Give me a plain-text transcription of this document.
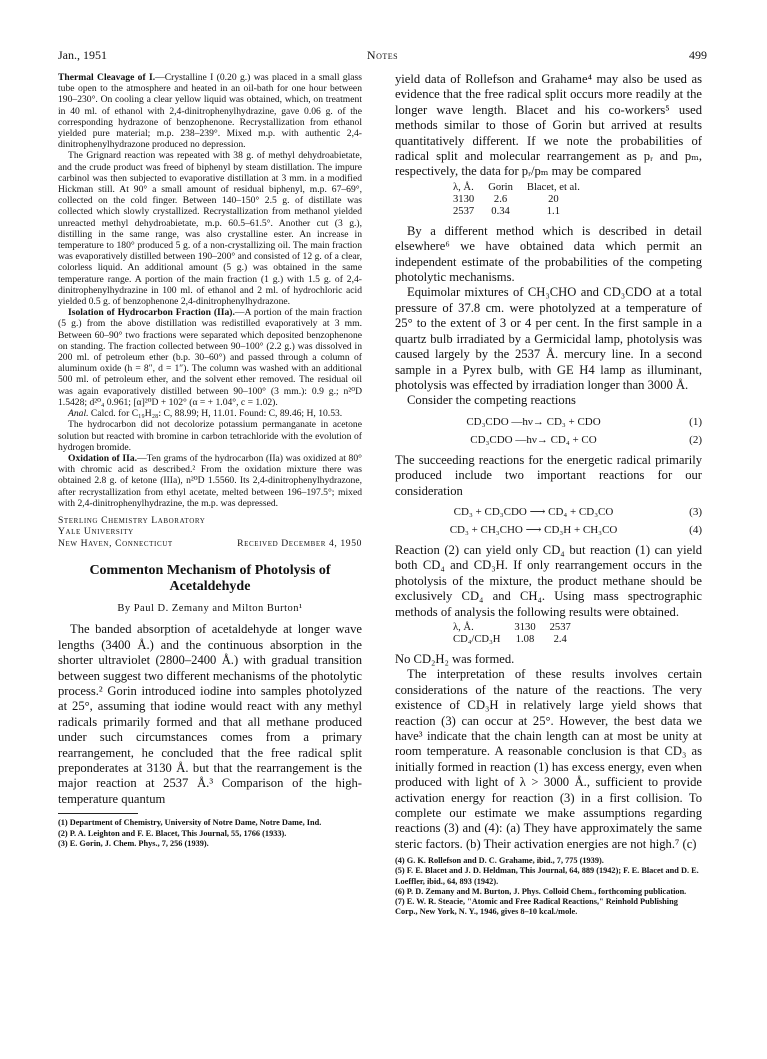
Jan., 1951	Notes	499

Thermal Cleavage of I.—Crystalline I (0.20 g.) was placed in a small glass tube open to the atmosphere and heated in an oil-bath for one hour between 190–230°. On cooling a clear yellow liquid was obtained, which, on treatment in 40 ml. of ethanol with 2,4-dinitrophenylhydrazine, gave 0.06 g. of the corresponding hydrazone of benzophenone. Recrystallization from ethanol yielded pure material; m.p. 238–239°. Mixed m.p. with authentic 2,4-dinitrophenylhydrazone produced no depression.

The Grignard reaction was repeated with 38 g. of methyl dehydroabietate, and the crude product was freed of biphenyl by steam distillation. The impure carbinol was then subjected to evaporative distillation at 3 mm. in a modified Hickman still. At 90° a small amount of residual biphenyl, m.p. 67–69°, collected on the cold finger. Between 140–150° 2.5 g. of distillate was collected which slowly crystallized. Recrystallization from methanol yielded unreacted methyl dehydroabietate, m.p. 60.5–61.5°. Another cut (3 g.), distilling in the same range, was also crystalline ester. An increase in temperature to 180° produced 5 g. of a non-crystallizing oil. The main fraction was evaporatively distilled between 190–200° and consisted of 12 g. of a clear, colorless liquid. An additional amount (5 g.) was obtained in the same temperature range. A portion of the main fraction (1 g.) with 1.5 g. of 2,4-dinitrophenylhydrazine in 100 ml. of ethanol and 2 ml. of hydrochloric acid yielded 0.5 g. of benzophenone 2,4-dinitrophenylhydrazone.

Isolation of Hydrocarbon Fraction (IIa).—A portion of the main fraction (5 g.) from the above distillation was redistilled evaporatively at 3 mm. Between 60–90° two fractions were separated which deposited benzophenone on standing. The fraction collected between 90–100° (2.2 g.) was dissolved in 200 ml. of petroleum ether (b.p. 30–60°) and passed through a column of aluminum oxide (h = 8″, d = 1″). The column was washed with an additional 500 ml. of petroleum ether, and the solvent ether removed. The residual oil was again evaporatively distilled between 90–100° (3 mm.): 0.9 g.; n²⁰D 1.5428; d²⁰₄ 0.961; [α]²⁰D + 102° (α = + 1.04°, c = 1.02).

Anal. Calcd. for C₁₉H₂₈: C, 88.99; H, 11.01. Found: C, 89.46; H, 10.53.

The hydrocarbon did not decolorize potassium permanganate in acetone solution but reacted with bromine in carbon tetrachloride with the evolution of hydrogen bromide.

Oxidation of IIa.—Ten grams of the hydrocarbon (IIa) was oxidized at 80° with chromic acid as described.² From the oxidation mixture there was obtained 2.8 g. of ketone (IIIa), n²⁰D 1.5560. Its 2,4-dinitrophenylhydrazone, after recrystallization from ethyl acetate, melted between 196–197.5°; mixed with 2,4-dinitrophenylhydrazine, the m.p. was depressed.

Sterling Chemistry Laboratory
Yale University
New Haven, Connecticut	Received December 4, 1950
Commenton Mechanism of Photolysis of Acetaldehyde
By Paul D. Zemany and Milton Burton¹

The banded absorption of acetaldehyde at longer wave lengths (3400 Å.) and the continuous absorption in the shorter ultraviolet (2800–2400 Å.) with gradual transition between suggest two different mechanisms of the photolytic process.² Gorin introduced iodine into samples photolyzed at 25°, assuming that iodine would react with any methyl radicals primarily formed and that all methane produced under such circumstances comes from a primary rearrangement, he concluded that the free radical split preponderates at 3130 Å. but that the rearrangement is the major reaction at 2537 Å.³ Comparison of the high-temperature quantum

(1) Department of Chemistry, University of Notre Dame, Notre Dame, Ind.
(2) P. A. Leighton and F. E. Blacet, This Journal, 55, 1766 (1933).
(3) E. Gorin, J. Chem. Phys., 7, 256 (1939).

yield data of Rollefson and Grahame⁴ may also be used as evidence that the free radical split occurs more readily at the longer wave length. Blacet and his co-workers⁵ used methods similar to those of Gorin but arrived at results quantitatively different. If we note the probabilities of radical split and molecular rearrangement as pᵣ and pₘ, respectively, the data for pᵣ/pₘ may be compared

λ, Å.	Gorin	Blacet, et al.
3130	2.6	20
2537	0.34	1.1

By a different method which is described in detail elsewhere⁶ we have obtained data which permit an independent estimate of the probabilities of the competing photolytic mechanisms.

Equimolar mixtures of CH₃CHO and CD₃CDO at a total pressure of 37.8 cm. were photolyzed at a temperature of 25° to the extent of 3 or 4 per cent. In the first sample in a quartz bulb irradiated by a Germicidal lamp, photolysis was caused largely by the 2537 Å. mercury line. In a second sample in a Pyrex bulb, with GE H4 lamp as illuminant, photolysis was effected by irradiation longer than 3000 Å.

Consider the competing reactions

CD₃CDO —hν→ CD₃ + CDO	(1)
CD₃CDO —hν→ CD₄ + CO	(2)

The succeeding reactions for the energetic radical primarily produced include two important reactions for our consideration

CD₃ + CD₃CDO ⟶ CD₄ + CD₃CO	(3)
CD₃ + CH₃CHO ⟶ CD₃H + CH₃CO	(4)

Reaction (2) can yield only CD₄ but reaction (1) can yield both CD₄ and CD₃H. If only rearrangement occurs in the photolysis of the mixture, the product methane should be exclusively CD₄ and CH₄. Using mass spectrographic methods of analysis the following results were obtained.

λ, Å.	3130	2537
CD₄/CD₃H	1.08	2.4

No CD₂H₂ was formed.

The interpretation of these results involves certain considerations of the nature of the reactions. The very existence of CD₃H in relatively large yield shows that reaction (3) can occur at 25°. However, the best data we have³ indicate that the chain length can at most be unity at room temperature. A reasonable conclusion is that CD₃ as initially formed in reaction (1) has excess energy, even when produced with light of λ > 3000 Å., sufficient to provide activation energy for reaction (3) in a first collision. To complete our estimate we make assumptions regarding reactions (3) and (4): (a) They have approximately the same steric factors. (b) Their activation energies are not high.⁷ (c)

(4) G. K. Rollefson and D. C. Grahame, ibid., 7, 775 (1939).
(5) F. E. Blacet and J. D. Heldman, This Journal, 64, 889 (1942); F. E. Blacet and D. E. Loeffler, ibid., 64, 893 (1942).
(6) P. D. Zemany and M. Burton, J. Phys. Colloid Chem., forthcoming publication.
(7) E. W. R. Steacie, "Atomic and Free Radical Reactions," Reinhold Publishing Corp., New York, N. Y., 1946, gives 8–10 kcal./mole.
